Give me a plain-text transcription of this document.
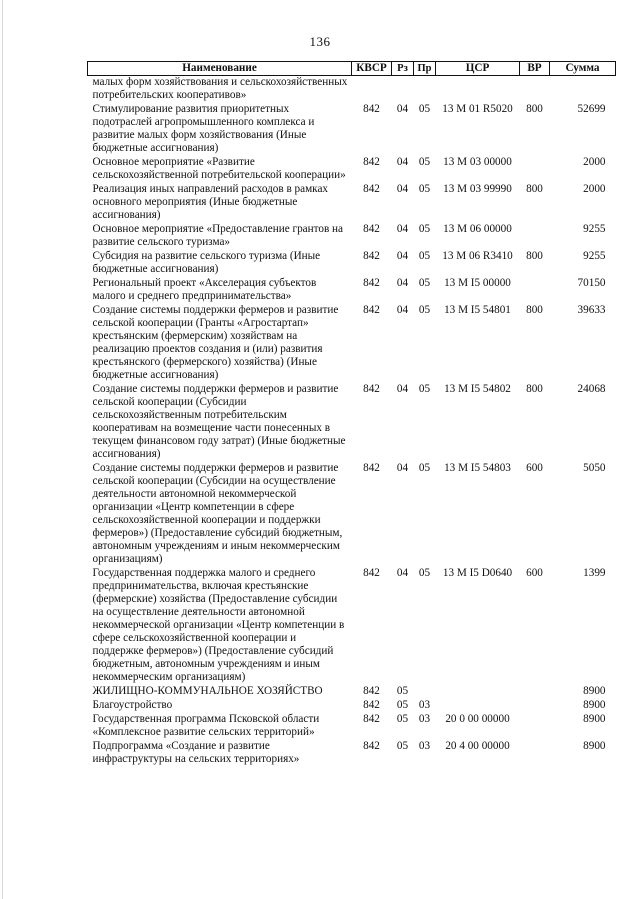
136
Наименование	КВСР	Рз	Пр	ЦСР	ВР	Сумма
малых форм хозяйствования и сельскохозяйственных потребительских кооперативов»						
Стимулирование развития приоритетных подотраслей агропромышленного комплекса и развитие малых форм хозяйствования (Иные бюджетные ассигнования)	842	04	05	13 М 01 R5020	800	52699
Основное мероприятие «Развитие сельскохозяйственной потребительской кооперации»	842	04	05	13 М 03 00000		2000
Реализация иных направлений расходов в рамках основного мероприятия (Иные бюджетные ассигнования)	842	04	05	13 М 03 99990	800	2000
Основное мероприятие «Предоставление грантов на развитие сельского туризма»	842	04	05	13 М 06 00000		9255
Субсидия на развитие сельского туризма (Иные бюджетные ассигнования)	842	04	05	13 М 06 R3410	800	9255
Региональный проект «Акселерация субъектов малого и среднего предпринимательства»	842	04	05	13 М I5 00000		70150
Создание системы поддержки фермеров и развитие сельской кооперации (Гранты «Агростартап» крестьянским (фермерским) хозяйствам на реализацию проектов создания и (или) развития крестьянского (фермерского) хозяйства) (Иные бюджетные ассигнования)	842	04	05	13 М I5 54801	800	39633
Создание системы поддержки фермеров и развитие сельской кооперации (Субсидии сельскохозяйственным потребительским кооперативам на возмещение части понесенных в текущем финансовом году затрат) (Иные бюджетные ассигнования)	842	04	05	13 М I5 54802	800	24068
Создание системы поддержки фермеров и развитие сельской кооперации (Субсидии на осуществление деятельности автономной некоммерческой организации «Центр компетенции в сфере сельскохозяйственной кооперации и поддержки фермеров») (Предоставление субсидий бюджетным, автономным учреждениям и иным некоммерческим организациям)	842	04	05	13 М I5 54803	600	5050
Государственная поддержка малого и среднего предпринимательства, включая крестьянские (фермерские) хозяйства (Предоставление субсидии на осуществление деятельности автономной некоммерческой организации «Центр компетенции в сфере сельскохозяйственной кооперации и поддержке фермеров») (Предоставление субсидий бюджетным, автономным учреждениям и иным некоммерческим организациям)	842	04	05	13 М I5 D0640	600	1399
ЖИЛИЩНО-КОММУНАЛЬНОЕ ХОЗЯЙСТВО	842	05				8900
Благоустройство	842	05	03			8900
Государственная программа Псковской области «Комплексное развитие сельских территорий»	842	05	03	20 0 00 00000		8900
Подпрограмма «Создание и развитие инфраструктуры на сельских территориях»	842	05	03	20 4 00 00000		8900
